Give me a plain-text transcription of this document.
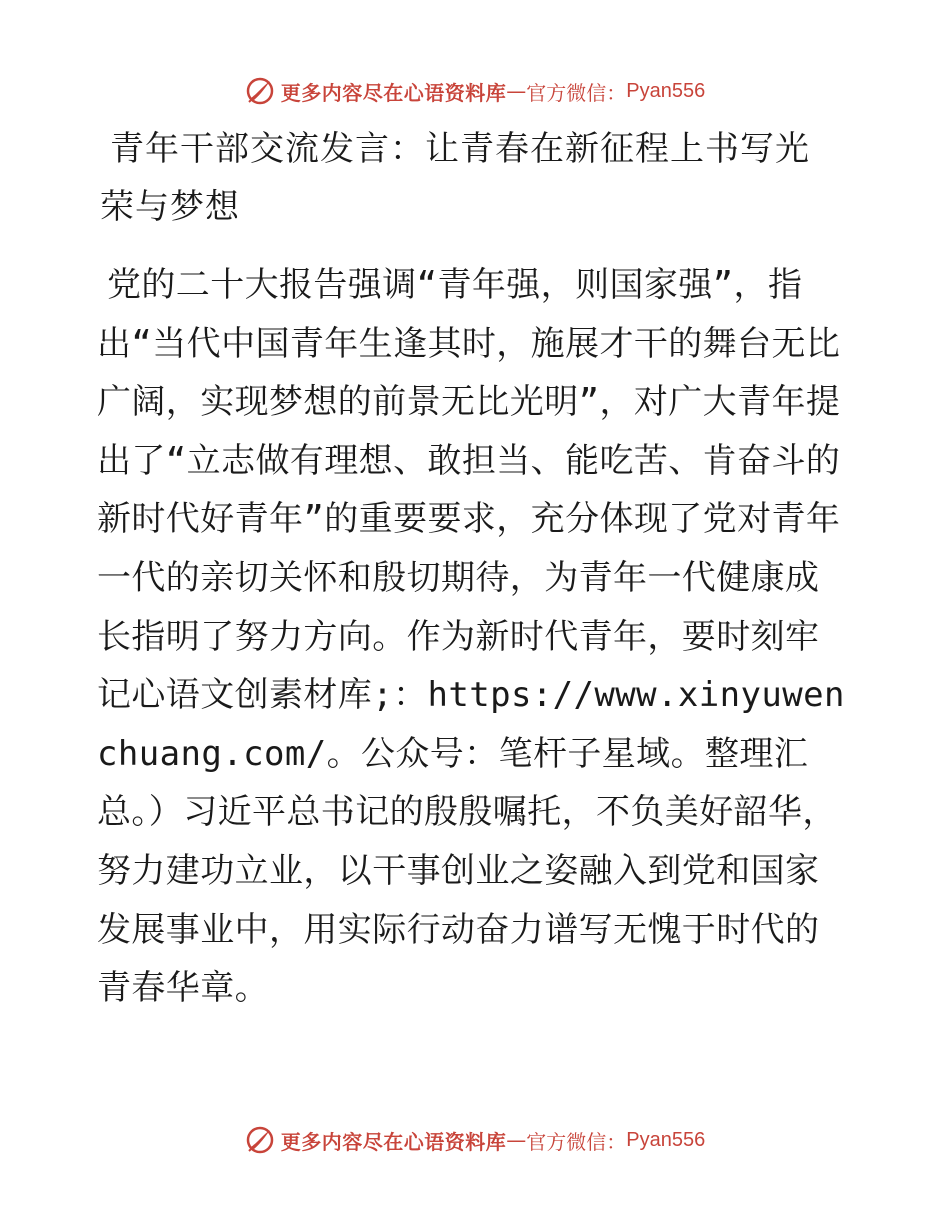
更多内容尽在心语资料库 — 官方微信： Pyan556
青年干部交流发言：让青春在新征程上书写光荣与梦想

党的二十大报告强调“青年强，则国家强”，指出“当代中国青年生逢其时，施展才干的舞台无比广阔，实现梦想的前景无比光明”，对广大青年提出了“立志做有理想、敢担当、能吃苦、肯奋斗的新时代好青年”的重要要求，充分体现了党对青年一代的亲切关怀和殷切期待，为青年一代健康成长指明了努力方向。作为新时代青年，要时刻牢记心语文创素材库;：https://www.xinyuwenchuang.com/。公众号：笔杆子星域。整理汇总。）习近平总书记的殷殷嘱托，不负美好韶华，努力建功立业，以干事创业之姿融入到党和国家发展事业中，用实际行动奋力谱写无愧于时代的青春华章。

更多内容尽在心语资料库 — 官方微信： Pyan556
